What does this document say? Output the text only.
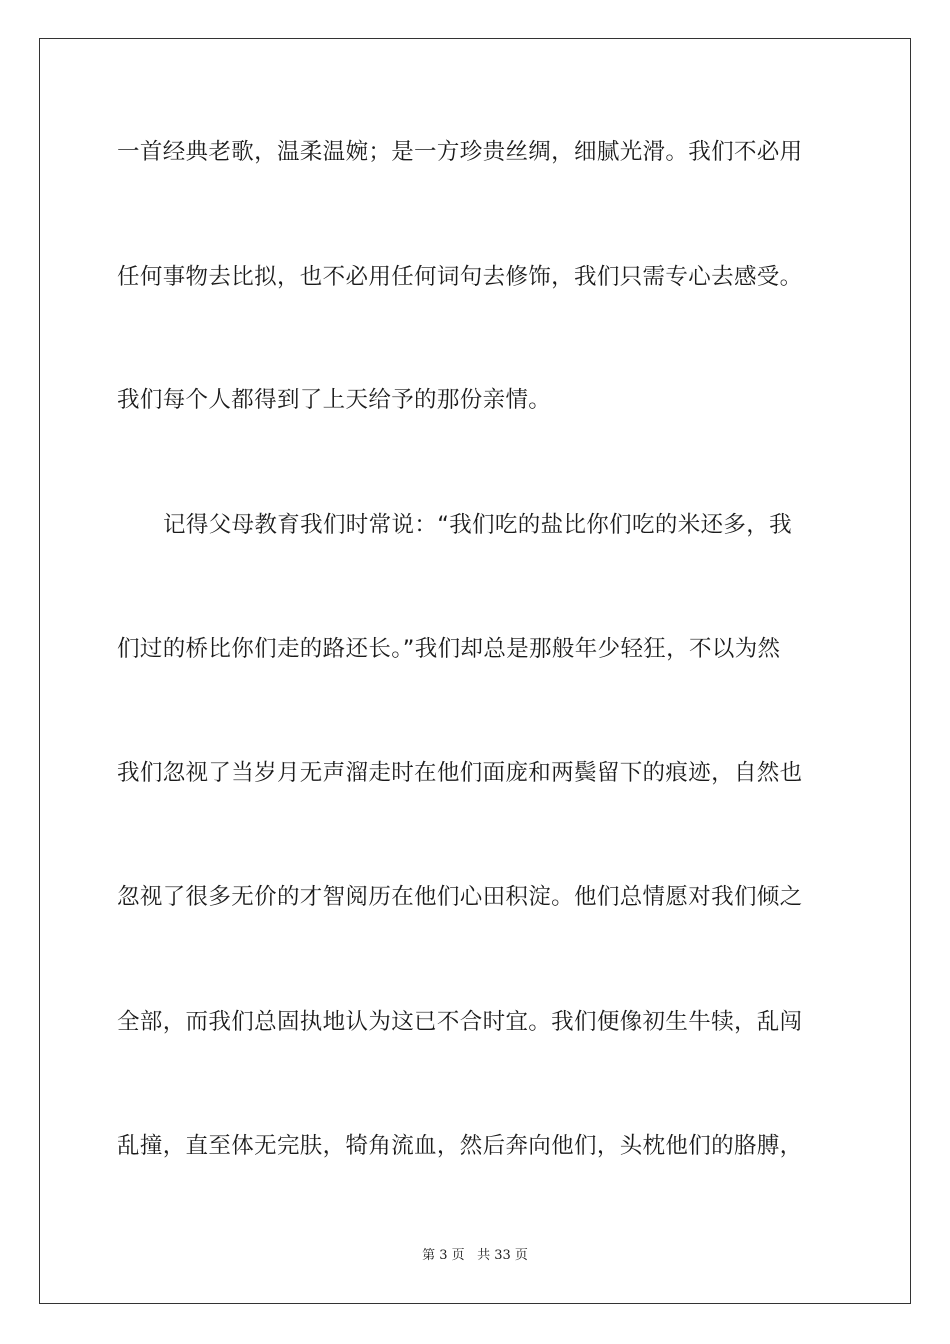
一首经典老歌，温柔温婉；是一方珍贵丝绸，细腻光滑。我们不必用
任何事物去比拟，也不必用任何词句去修饰，我们只需专心去感受。
我们每个人都得到了上天给予的那份亲情。
记得父母教育我们时常说：“我们吃的盐比你们吃的米还多，我
们过的桥比你们走的路还长。”我们却总是那般年少轻狂，不以为然
我们忽视了当岁月无声溜走时在他们面庞和两鬓留下的痕迹，自然也
忽视了很多无价的才智阅历在他们心田积淀。他们总情愿对我们倾之
全部，而我们总固执地认为这已不合时宜。我们便像初生牛犊，乱闯
乱撞，直至体无完肤，犄角流血，然后奔向他们，头枕他们的胳膊，
第 3 页 共 33 页
